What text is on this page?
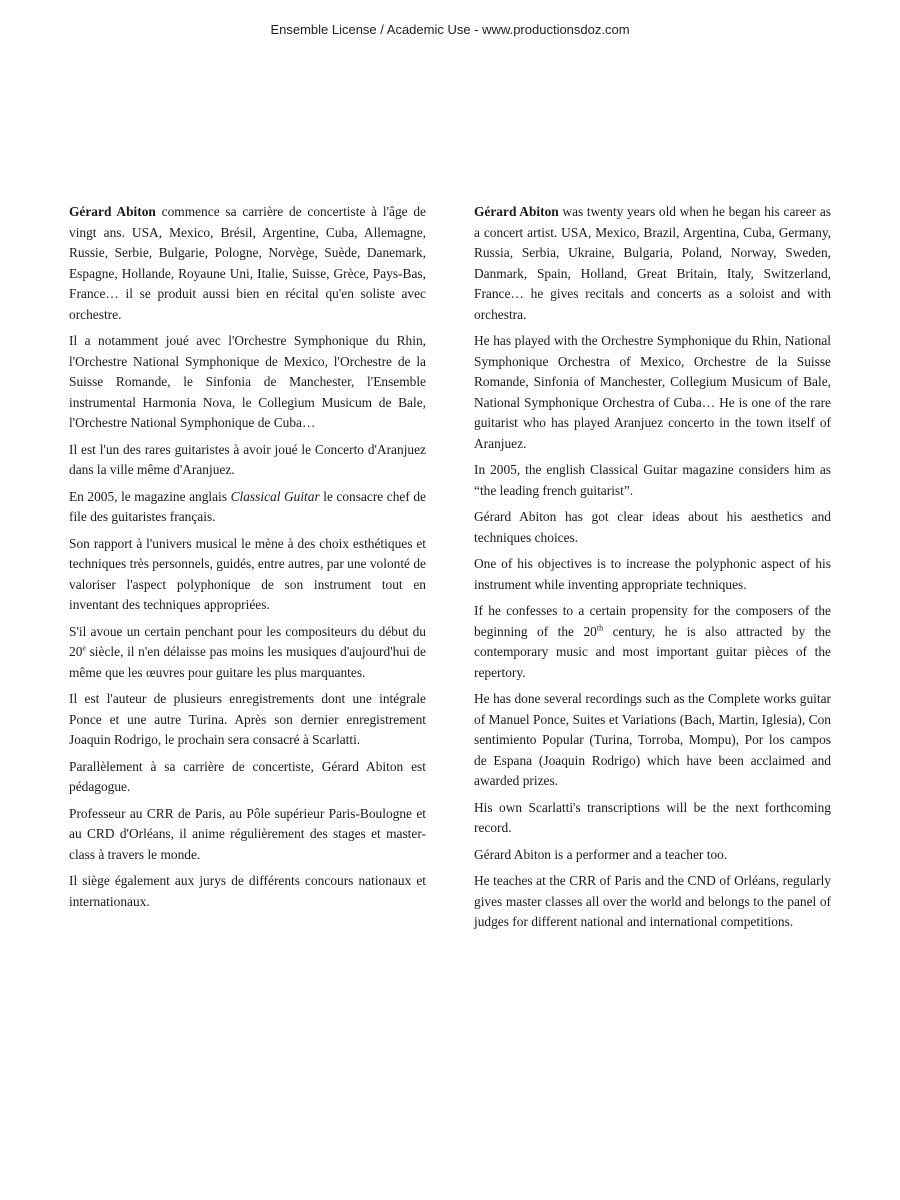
Ensemble License / Academic Use - www.productionsdoz.com

Gérard Abiton commence sa carrière de concertiste à l'âge de vingt ans. USA, Mexico, Brésil, Argentine, Cuba, Allemagne, Russie, Serbie, Bulgarie, Pologne, Norvège, Suède, Danemark, Espagne, Hollande, Royaune Uni, Italie, Suisse, Grèce, Pays-Bas, France… il se produit aussi bien en récital qu'en soliste avec orchestre.

Il a notamment joué avec l'Orchestre Symphonique du Rhin, l'Orchestre National Symphonique de Mexico, l'Orchestre de la Suisse Romande, le Sinfonia de Manchester, l'Ensemble instrumental Harmonia Nova, le Collegium Musicum de Bale, l'Orchestre National Symphonique de Cuba…

Il est l'un des rares guitaristes à avoir joué le Concerto d'Aranjuez dans la ville même d'Aranjuez.

En 2005, le magazine anglais Classical Guitar le consacre chef de file des guitaristes français.

Son rapport à l'univers musical le mène à des choix esthétiques et techniques très personnels, guidés, entre autres, par une volonté de valoriser l'aspect polyphonique de son instrument tout en inventant des techniques appropriées.

S'il avoue un certain penchant pour les compositeurs du début du 20e siècle, il n'en délaisse pas moins les musiques d'aujourd'hui de même que les œuvres pour guitare les plus marquantes.

Il est l'auteur de plusieurs enregistrements dont une intégrale Ponce et une autre Turina. Après son dernier enregistrement Joaquin Rodrigo, le prochain sera consacré à Scarlatti.

Parallèlement à sa carrière de concertiste, Gérard Abiton est pédagogue.

Professeur au CRR de Paris, au Pôle supérieur Paris-Boulogne et au CRD d'Orléans, il anime régulièrement des stages et master-class à travers le monde.

Il siège également aux jurys de différents concours nationaux et internationaux.

Gérard Abiton was twenty years old when he began his career as a concert artist. USA, Mexico, Brazil, Argentina, Cuba, Germany, Russia, Serbia, Ukraine, Bulgaria, Poland, Norway, Sweden, Danmark, Spain, Holland, Great Britain, Italy, Switzerland, France… he gives recitals and concerts as a soloist and with orchestra.

He has played with the Orchestre Symphonique du Rhin, National Symphonique Orchestra of Mexico, Orchestre de la Suisse Romande, Sinfonia of Manchester, Collegium Musicum of Bale, National Symphonique Orchestra of Cuba… He is one of the rare guitarist who has played Aranjuez concerto in the town itself of Aranjuez.

In 2005, the english Classical Guitar magazine considers him as “the leading french guitarist”.

Gérard Abiton has got clear ideas about his aesthetics and techniques choices.

One of his objectives is to increase the polyphonic aspect of his instrument while inventing appropriate techniques.

If he confesses to a certain propensity for the composers of the beginning of the 20th century, he is also attracted by the contemporary music and most important guitar pièces of the repertory.

He has done several recordings such as the Complete works guitar of Manuel Ponce, Suites et Variations (Bach, Martin, Iglesia), Con sentimiento Popular (Turina, Torroba, Mompu), Por los campos de Espana (Joaquin Rodrigo) which have been acclaimed and awarded prizes.

His own Scarlatti's transcriptions will be the next forthcoming record.

Gérard Abiton is a performer and a teacher too.

He teaches at the CRR of Paris and the CND of Orléans, regularly gives master classes all over the world and belongs to the panel of judges for different national and international competitions.
